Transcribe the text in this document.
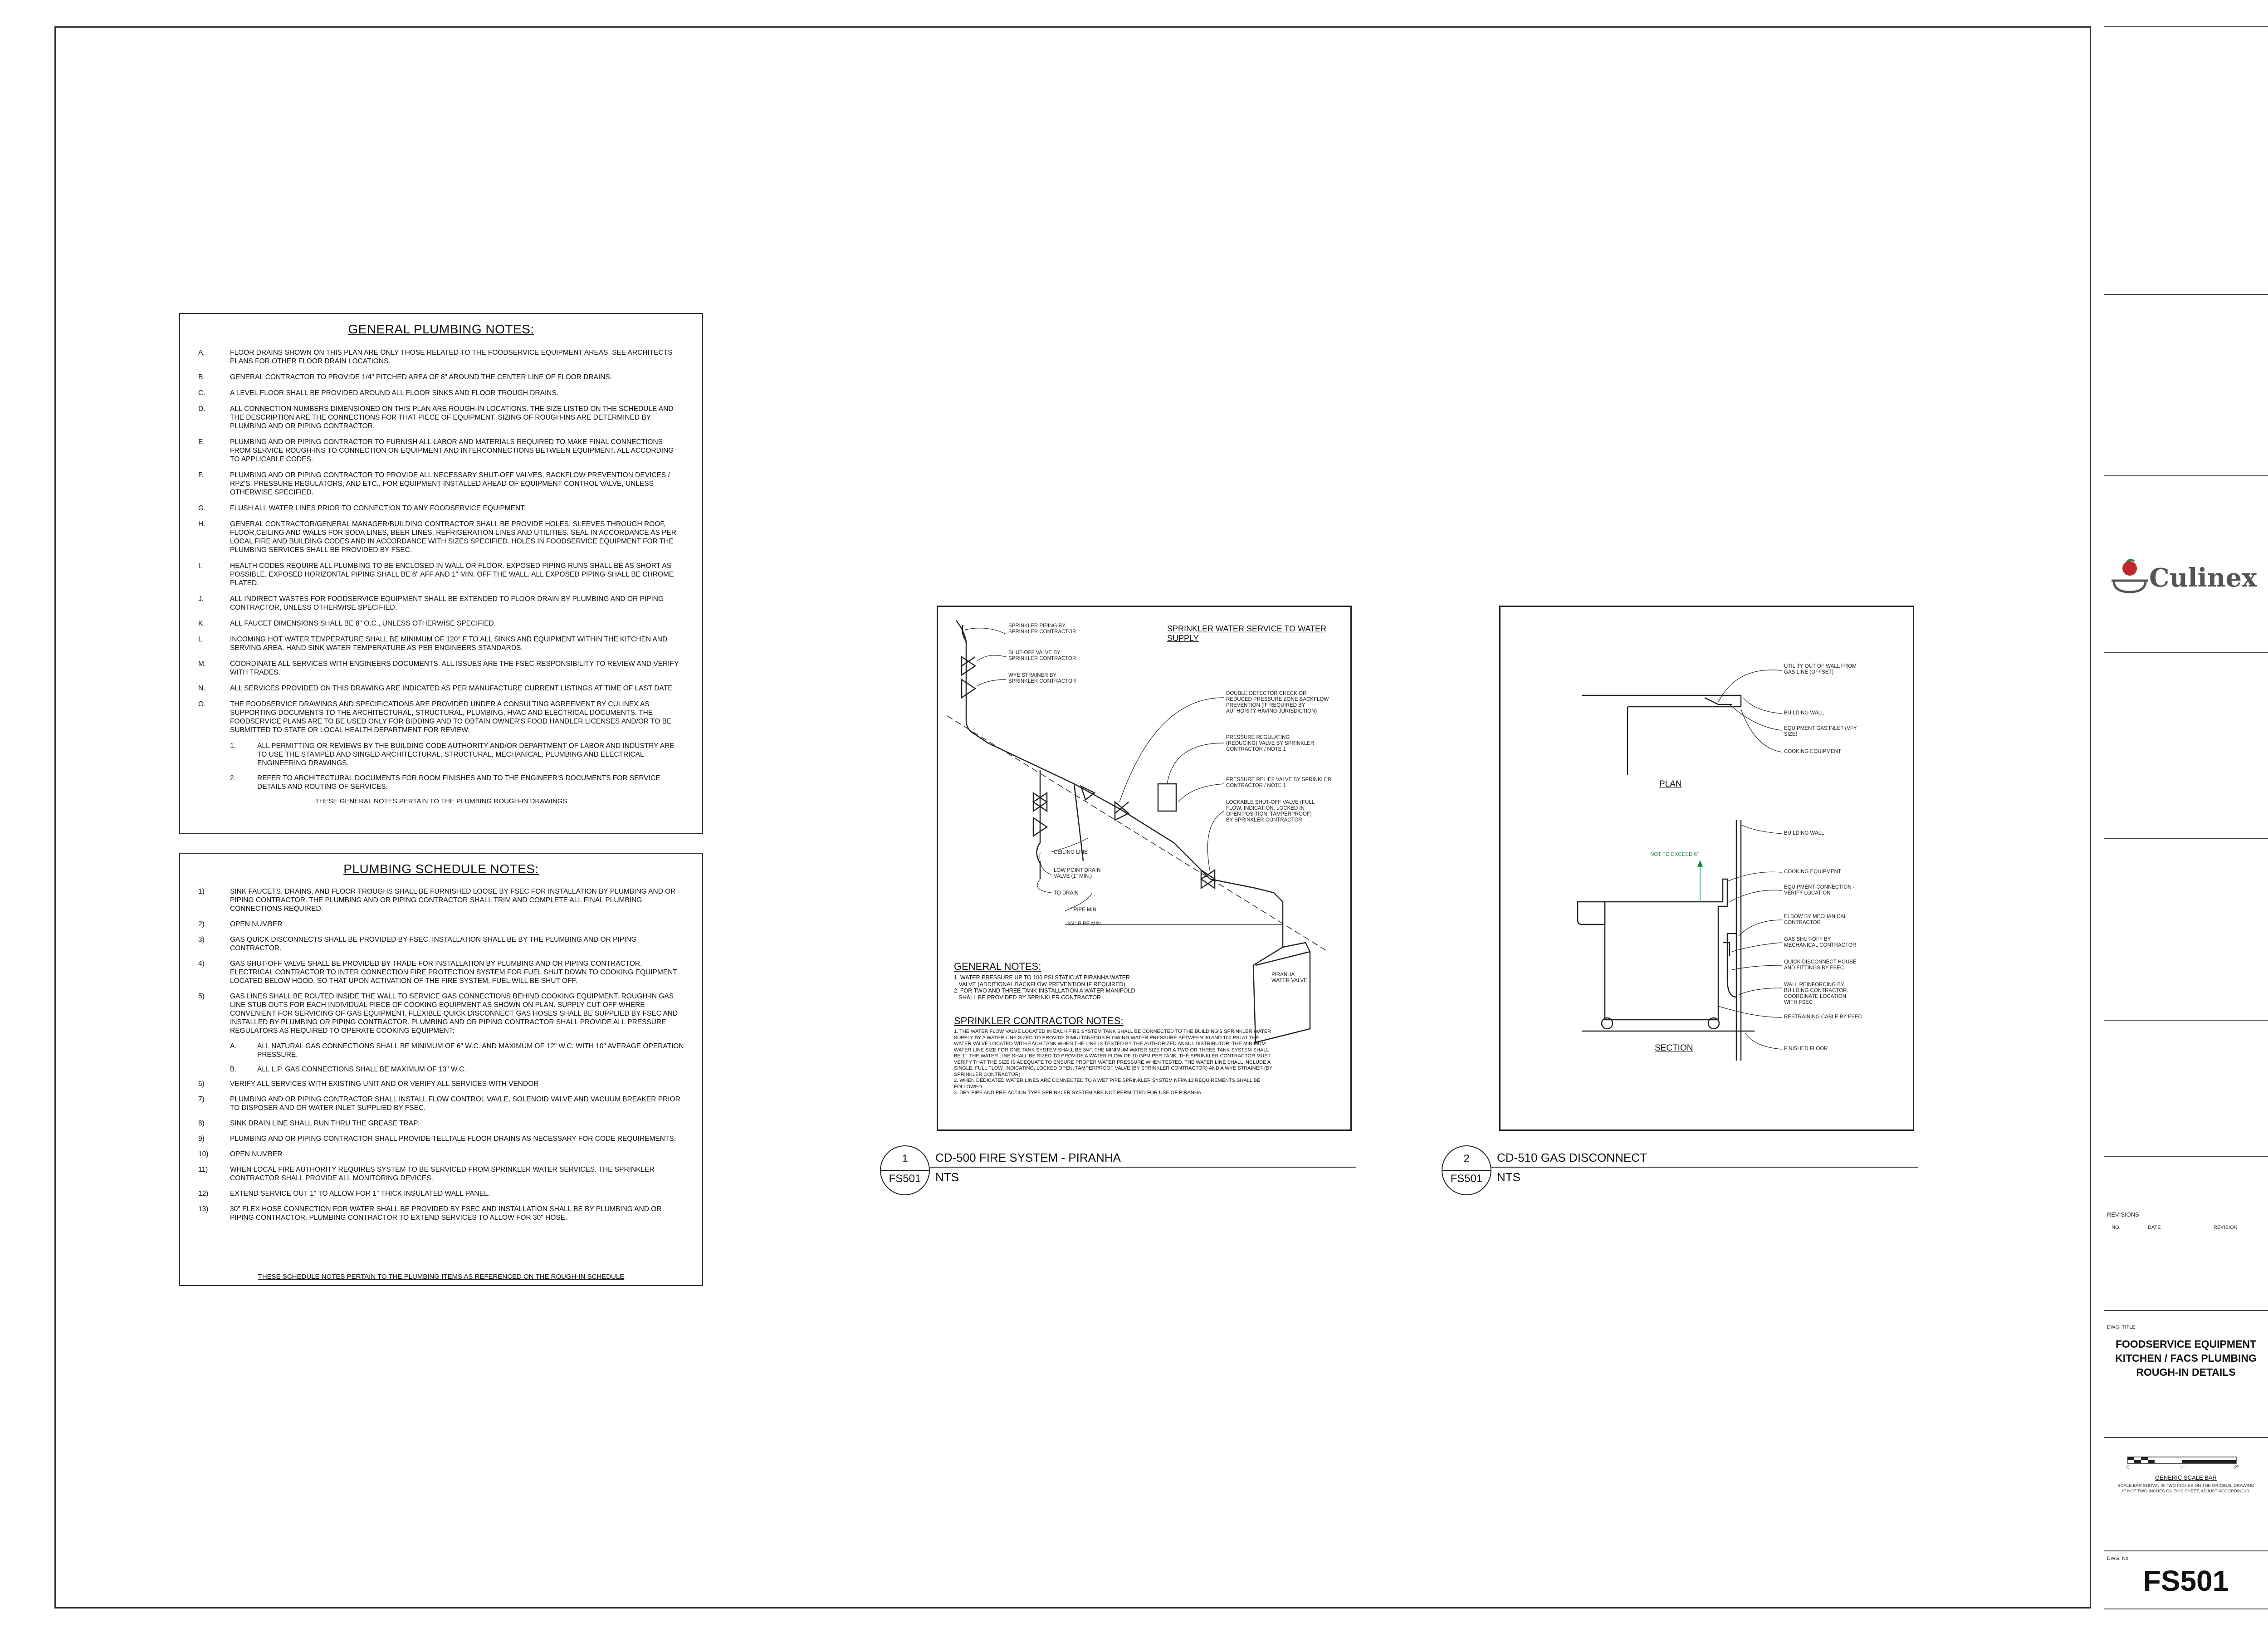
GENERAL PLUMBING NOTES:
A.	FLOOR DRAINS SHOWN ON THIS PLAN ARE ONLY THOSE RELATED TO THE FOODSERVICE EQUIPMENT AREAS. SEE ARCHITECTS PLANS FOR OTHER FLOOR DRAIN LOCATIONS.
B.	GENERAL CONTRACTOR TO PROVIDE 1/4" PITCHED AREA OF 8" AROUND THE CENTER LINE OF FLOOR DRAINS.
C.	A LEVEL FLOOR SHALL BE PROVIDED AROUND ALL FLOOR SINKS AND FLOOR TROUGH DRAINS.
D.	ALL CONNECTION NUMBERS DIMENSIONED ON THIS PLAN ARE ROUGH-IN LOCATIONS. THE SIZE LISTED ON THE SCHEDULE AND THE DESCRIPTION ARE THE CONNECTIONS FOR THAT PIECE OF EQUIPMENT. SIZING OF ROUGH-INS ARE DETERMINED BY PLUMBING AND OR PIPING CONTRACTOR.
E.	PLUMBING AND OR PIPING CONTRACTOR TO FURNISH ALL LABOR AND MATERIALS REQUIRED TO MAKE FINAL CONNECTIONS FROM SERVICE ROUGH-INS TO CONNECTION ON EQUIPMENT AND INTERCONNECTIONS BETWEEN EQUIPMENT. ALL ACCORDING TO APPLICABLE CODES.
F.	PLUMBING AND OR PIPING CONTRACTOR TO PROVIDE ALL NECESSARY SHUT-OFF VALVES, BACKFLOW PREVENTION DEVICES / RPZ'S, PRESSURE REGULATORS, AND ETC., FOR EQUIPMENT INSTALLED AHEAD OF EQUIPMENT CONTROL VALVE, UNLESS OTHERWISE SPECIFIED.
G.	FLUSH ALL WATER LINES PRIOR TO CONNECTION TO ANY FOODSERVICE EQUIPMENT.
H.	GENERAL CONTRACTOR/GENERAL MANAGER/BUILDING CONTRACTOR SHALL BE PROVIDE HOLES, SLEEVES THROUGH ROOF, FLOOR,CEILING AND WALLS FOR SODA LINES, BEER LINES, REFRIGERATION LINES AND UTILITIES. SEAL IN ACCORDANCE AS PER LOCAL FIRE AND BUILDING CODES AND IN ACCORDANCE WITH SIZES SPECIFIED. HOLES IN FOODSERVICE EQUIPMENT FOR THE PLUMBING SERVICES SHALL BE PROVIDED BY FSEC.
I.	HEALTH CODES REQUIRE ALL PLUMBING TO BE ENCLOSED IN WALL OR FLOOR. EXPOSED PIPING RUNS SHALL BE AS SHORT AS POSSIBLE. EXPOSED HORIZONTAL PIPING SHALL BE 6" AFF AND 1" MIN. OFF THE WALL. ALL EXPOSED PIPING SHALL BE CHROME PLATED.
J.	ALL INDIRECT WASTES FOR FOODSERVICE EQUIPMENT SHALL BE EXTENDED TO FLOOR DRAIN BY PLUMBING AND OR PIPING CONTRACTOR, UNLESS OTHERWISE SPECIFIED.
K.	ALL FAUCET DIMENSIONS SHALL BE 8" O.C., UNLESS OTHERWISE SPECIFIED.
L.	INCOMING HOT WATER TEMPERATURE SHALL BE MINIMUM OF 120° F TO ALL SINKS AND EQUIPMENT WITHIN THE KITCHEN AND SERVING AREA. HAND SINK WATER TEMPERATURE AS PER ENGINEERS STANDARDS.
M.	COORDINATE ALL SERVICES WITH ENGINEERS DOCUMENTS. ALL ISSUES ARE THE FSEC RESPONSIBILITY TO REVIEW AND VERIFY WITH TRADES.
N.	ALL SERVICES PROVIDED ON THIS DRAWING ARE INDICATED AS PER MANUFACTURE CURRENT LISTINGS AT TIME OF LAST DATE
O.	THE FOODSERVICE DRAWINGS AND SPECIFICATIONS ARE PROVIDED UNDER A CONSULTING AGREEMENT BY CULINEX AS SUPPORTING DOCUMENTS TO THE ARCHITECTURAL, STRUCTURAL, PLUMBING, HVAC AND ELECTRICAL DOCUMENTS. THE FOODSERVICE PLANS ARE TO BE USED ONLY FOR BIDDING AND TO OBTAIN OWNER'S FOOD HANDLER LICENSES AND/OR TO BE SUBMITTED TO STATE OR LOCAL HEALTH DEPARTMENT FOR REVIEW.
1.	ALL PERMITTING OR REVIEWS BY THE BUILDING CODE AUTHORITY AND/OR DEPARTMENT OF LABOR AND INDUSTRY ARE TO USE THE STAMPED AND SINGED ARCHITECTURAL, STRUCTURAL, MECHANICAL, PLUMBING AND ELECTRICAL ENGINEERING DRAWINGS.
2.	REFER TO ARCHITECTURAL DOCUMENTS FOR ROOM FINISHES AND TO THE ENGINEER'S DOCUMENTS FOR SERVICE DETAILS AND ROUTING OF SERVICES.
THESE GENERAL NOTES PERTAIN TO THE PLUMBING ROUGH-IN DRAWINGS
PLUMBING SCHEDULE NOTES:
1)	SINK FAUCETS, DRAINS, AND FLOOR TROUGHS SHALL BE FURNISHED LOOSE BY FSEC FOR INSTALLATION BY PLUMBING AND OR PIPING CONTRACTOR. THE PLUMBING AND OR PIPING CONTRACTOR SHALL TRIM AND COMPLETE ALL FINAL PLUMBING CONNECTIONS REQUIRED.
2)	OPEN NUMBER
3)	GAS QUICK DISCONNECTS SHALL BE PROVIDED BY FSEC. INSTALLATION SHALL BE BY THE PLUMBING AND OR PIPING CONTRACTOR.
4)	GAS SHUT-OFF VALVE SHALL BE PROVIDED BY TRADE FOR INSTALLATION BY PLUMBING AND OR PIPING CONTRACTOR. ELECTRICAL CONTRACTOR TO INTER CONNECTION FIRE PROTECTION SYSTEM FOR FUEL SHUT DOWN TO COOKING EQUIPMENT LOCATED BELOW HOOD, SO THAT UPON ACTIVATION OF THE FIRE SYSTEM, FUEL WILL BE SHUT OFF.
5)	GAS LINES SHALL BE ROUTED INSIDE THE WALL TO SERVICE GAS CONNECTIONS BEHIND COOKING EQUIPMENT. ROUGH-IN GAS LINE STUB OUTS FOR EACH INDIVIDUAL PIECE OF COOKING EQUIPMENT AS SHOWN ON PLAN. SUPPLY CUT OFF WHERE CONVENIENT FOR SERVICING OF GAS EQUIPMENT. FLEXIBLE QUICK DISCONNECT GAS HOSES SHALL BE SUPPLIED BY FSEC AND INSTALLED BY PLUMBING OR PIPING CONTRACTOR. PLUMBING AND OR PIPING CONTRACTOR SHALL PROVIDE ALL PRESSURE REGULATORS AS REQUIRED TO OPERATE COOKING EQUIPMENT:
A.	ALL NATURAL GAS CONNECTIONS SHALL BE MINIMUM OF 6" W.C. AND MAXIMUM OF 12" W.C. WITH 10" AVERAGE OPERATION PRESSURE.
B.	ALL L.P. GAS CONNECTIONS SHALL BE MAXIMUM OF 13" W.C.
6)	VERIFY ALL SERVICES WITH EXISTING UNIT AND OR VERIFY ALL SERVICES WITH VENDOR
7)	PLUMBING AND OR PIPING CONTRACTOR SHALL INSTALL FLOW CONTROL VAVLE, SOLENOID VALVE AND VACUUM BREAKER PRIOR TO DISPOSER AND OR WATER INLET SUPPLIED BY FSEC.
8)	SINK DRAIN LINE SHALL RUN THRU THE GREASE TRAP.
9)	PLUMBING AND OR PIPING CONTRACTOR SHALL PROVIDE TELLTALE FLOOR DRAINS AS NECESSARY FOR CODE REQUIREMENTS.
10)	OPEN NUMBER
11)	WHEN LOCAL FIRE AUTHORITY REQUIRES SYSTEM TO BE SERVICED FROM SPRINKLER WATER SERVICES. THE SPRINKLER CONTRACTOR SHALL PROVIDE ALL MONITORING DEVICES.
12)	EXTEND SERVICE OUT 1" TO ALLOW FOR 1" THICK INSULATED WALL PANEL.
13)	30" FLEX HOSE CONNECTION FOR WATER SHALL BE PROVIDED BY FSEC AND INSTALLATION SHALL BE BY PLUMBING AND OR PIPING CONTRACTOR. PLUMBING CONTRACTOR TO EXTEND SERVICES TO ALLOW FOR 30" HOSE.
THESE SCHEDULE NOTES PERTAIN TO THE PLUMBING ITEMS AS REFERENCED ON THE ROUGH-IN SCHEDULE
SPRINKLER WATER SERVICE TO WATER SUPPLY
SPRINKLER PIPING BY
SPRINKLER CONTRACTOR
SHUT-OFF VALVE BY
SPRINKLER CONTRACTOR
WYE STRAINER BY
SPRINKLER CONTRACTOR
DOUBLE DETECTOR CHECK OR
REDUCED PRESSURE ZONE BACKFLOW
PREVENTION (IF REQUIRED BY
AUTHORITY HAVING JURISDICTION)
PRESSURE REGULATING
(REDUCING) VALVE BY SPRINKLER
CONTRACTOR / NOTE 1
PRESSURE RELIEF VALVE BY SPRINKLER
CONTRACTOR / NOTE 1
LOCKABLE SHUT-OFF VALVE (FULL
FLOW, INDICATION, LOCKED IN
OPEN POSITION, TAMPERPROOF)
BY SPRINKLER CONTRACTOR
CEILING LINE
LOW POINT DRAIN
VALVE (1" MIN.)
TO DRAIN
1" PIPE MIN
3/4" PIPE MIN
PIRANHA
WATER VALVE
GENERAL NOTES:
1. WATER PRESSURE UP TO 100 PSI STATIC AT PIRANHA WATER
VALVE (ADDITIONAL BACKFLOW PREVENTION IF REQUIRED)
2. FOR TWO AND THREE TANK INSTALLATION A WATER MANIFOLD
SHALL BE PROVIDED BY SPRINKLER CONTRACTOR
SPRINKLER CONTRACTOR NOTES:
1. THE WATER FLOW VALVE LOCATED IN EACH FIRE SYSTEM TANK SHALL BE CONNECTED TO THE BUILDING'S SPRINKLER WATER
SUPPLY BY A WATER LINE SIZED TO PROVIDE SIMULTANEOUS FLOWING WATER PRESSURE BETWEEN 30 AND 100 PSI AT THE
WATER VALVE LOCATED WITH EACH TANK WHEN THE LINE IS TESTED BY THE AUTHORIZED ANSUL DISTRIBUTOR. THE MINIMUM
WATER LINE SIZE FOR ONE TANK SYSTEM SHALL BE 3/4". THE MINIMUM WATER SIZE FOR A TWO OR THREE TANK SYSTEM SHALL
BE 1". THE WATER LINE SHALL BE SIZED TO PROVIDE A WATER FLOW OF 10 GPM PER TANK. THE SPRINKLER CONTRACTOR MUST
VERIFY THAT THE SIZE IS ADEQUATE TO ENSURE PROPER WATER PRESSURE WHEN TESTED. THE WATER LINE SHALL INCLUDE A
SINGLE, FULL FLOW, INDICATING, LOCKED OPEN, TAMPERPROOF VALVE (BY SPRINKLER CONTRACTOR) AND A WYE STRAINER (BY
SPRINKLER CONTRACTOR).
2. WHEN DEDICATED WATER LINES ARE CONNECTED TO A WET PIPE SPRINKLER SYSTEM NFPA 13 REQUIREMENTS SHALL BE
FOLLOWED
3. DRY PIPE AND PRE-ACTION TYPE SPRINKLER SYSTEM ARE NOT PERMITTED FOR USE OF PIRANHA.
1
FS501
CD-500 FIRE SYSTEM - PIRANHA
NTS
UTILITY OUT OF WALL FROM
GAS LINE (OFFSET)
BUILDING WALL
EQUIPMENT GAS INLET (VFY
SIZE)
COOKING EQUIPMENT
PLAN
BUILDING WALL
NOT TO EXCEED 6"
COOKING EQUIPMENT
EQUIPMENT CONNECTION -
VERIFY LOCATION
ELBOW BY MECHANICAL
CONTRACTOR
GAS SHUT-OFF BY
MECHANICAL CONTRACTOR
QUICK DISCONNECT HOUSE
AND FITTINGS BY FSEC
WALL REINFORCING BY
BUILDING CONTRACTOR.
COORDINATE LOCATION
WITH FSEC
RESTRAINING CABLE BY FSEC
FINISHED FLOOR
SECTION
2
FS501
CD-510 GAS DISCONNECT
NTS
Culinex
REVISIONS	-
NO.	DATE	REVISION
DWG. TITLE
FOODSERVICE EQUIPMENT
KITCHEN / FACS PLUMBING
ROUGH-IN DETAILS
0	1"	2"
GENERIC SCALE BAR
SCALE BAR SHOWN IS TWO INCHES ON THE ORIGINAL DRAWING
IF NOT TWO INCHES ON THIS SHEET, ADJUST ACCORDINGLY
DWG. No.
FS501
